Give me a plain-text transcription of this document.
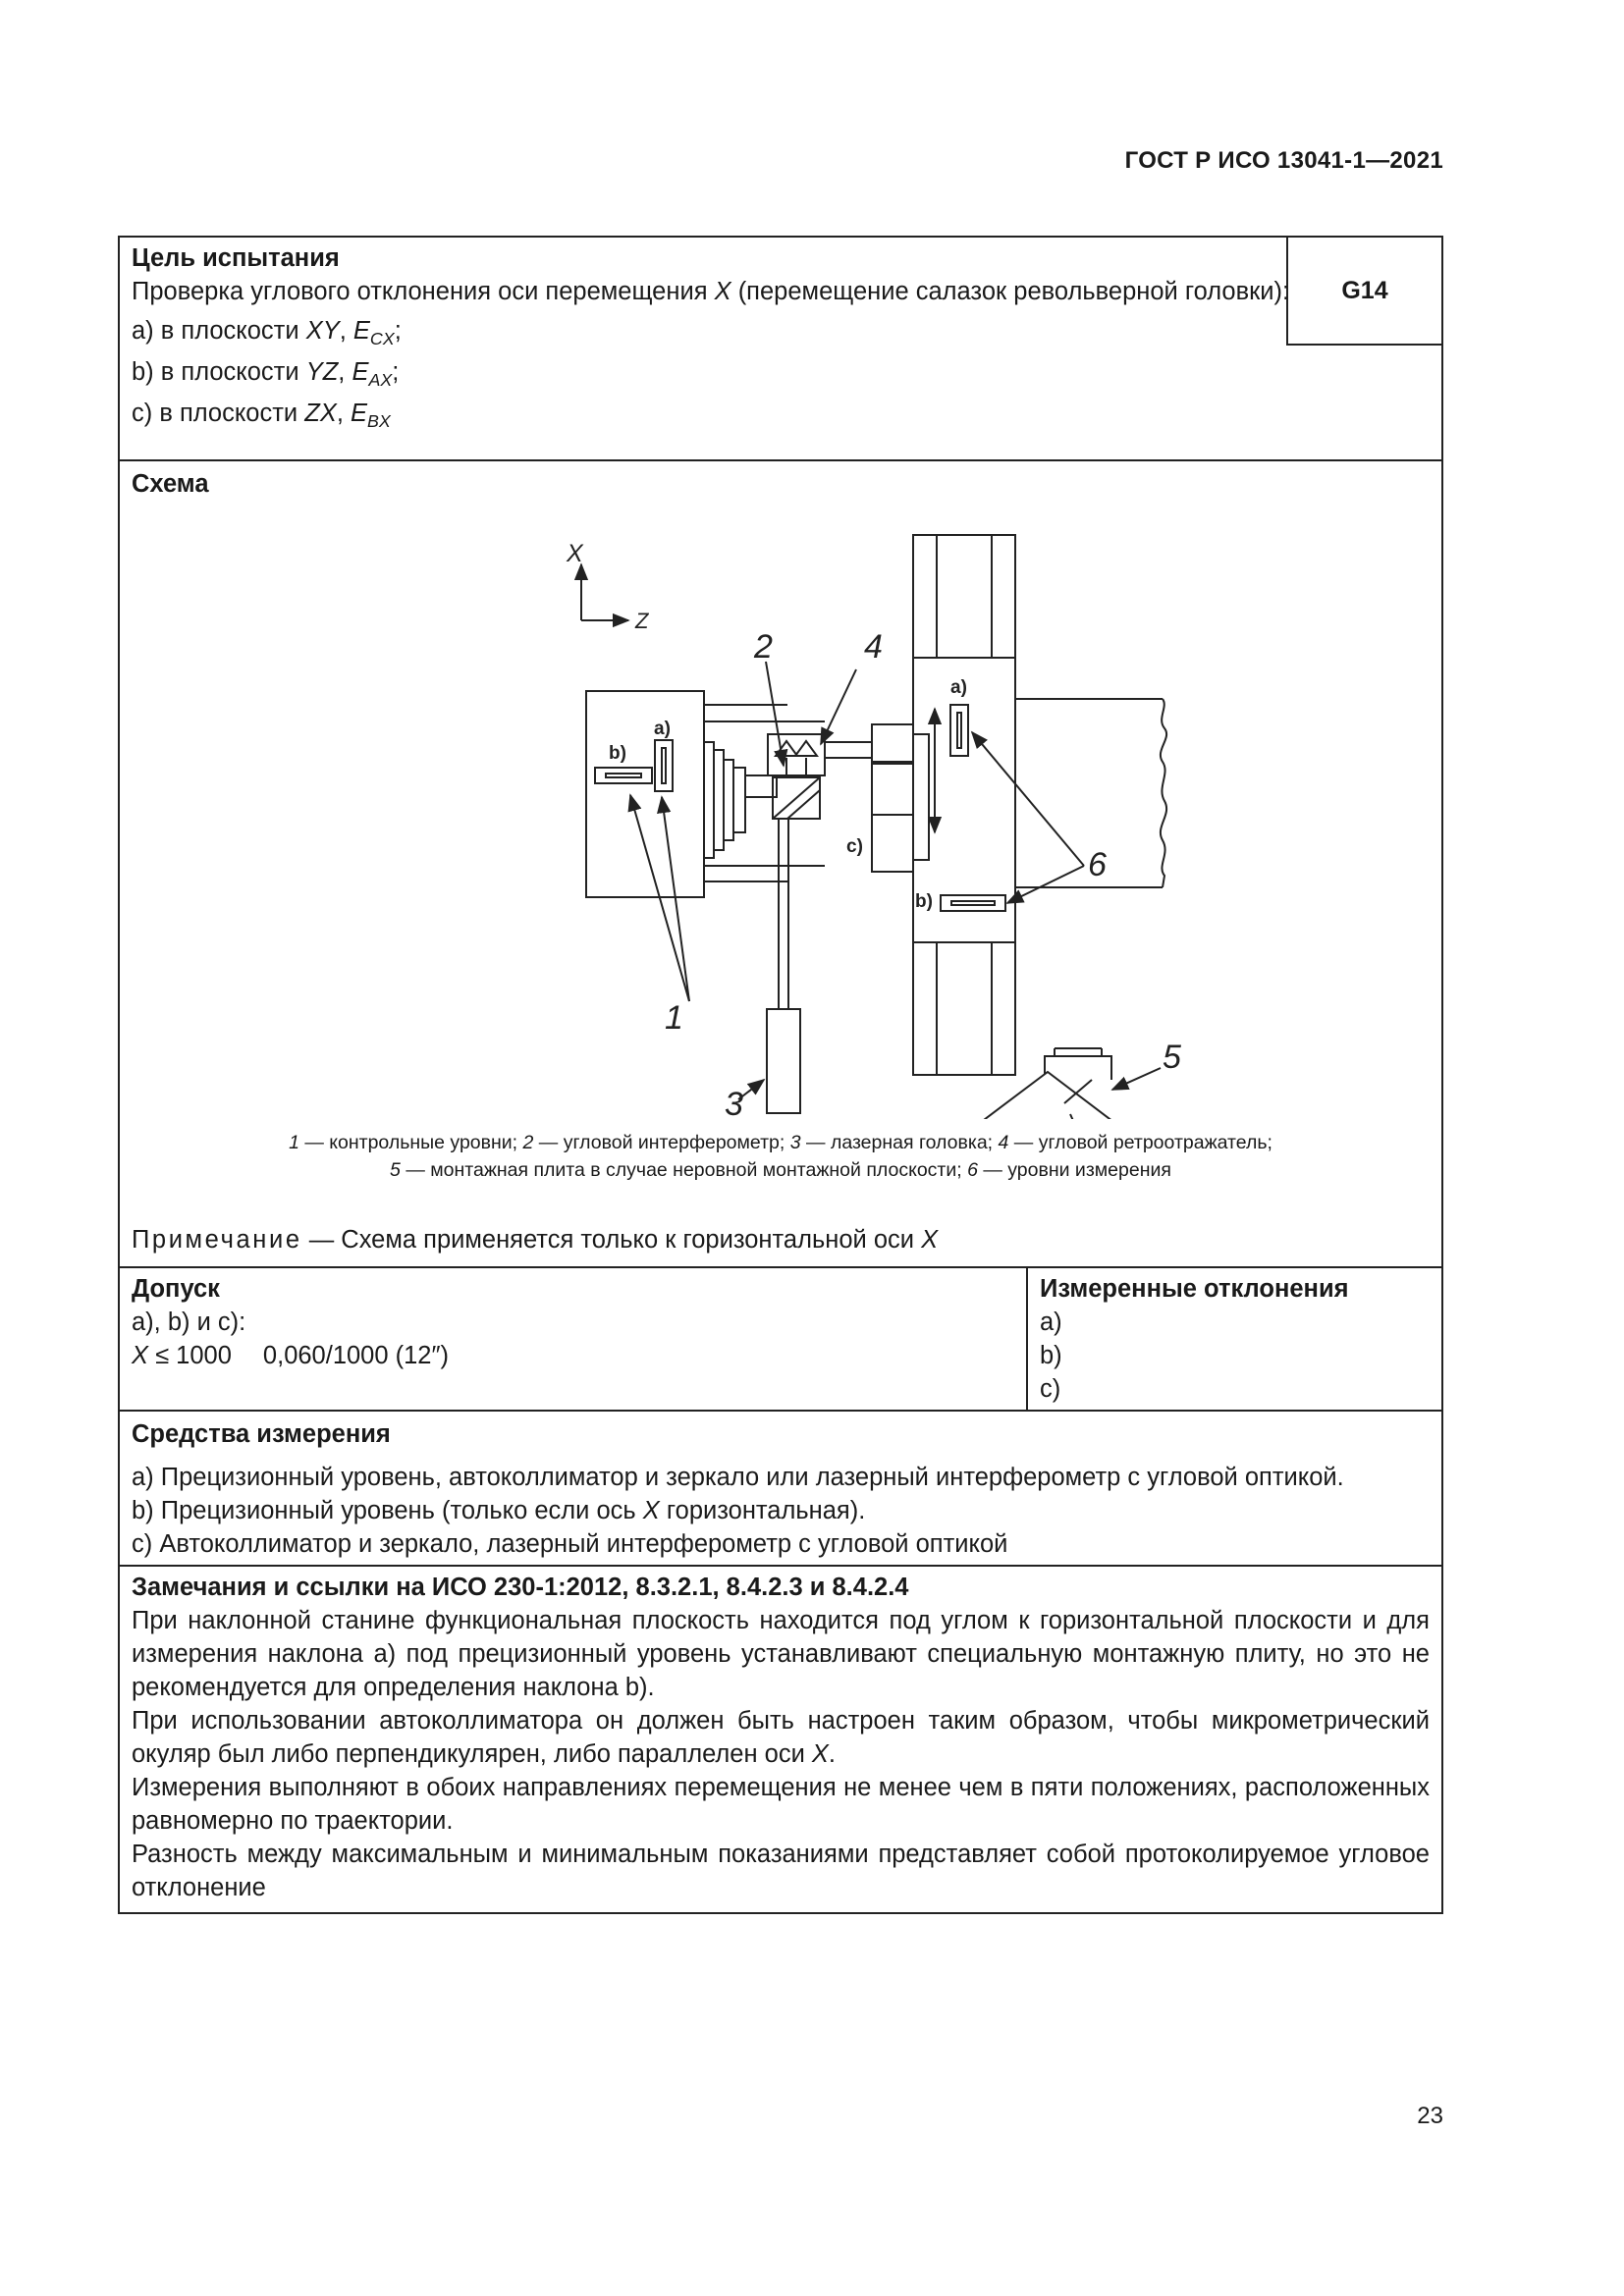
ГОСТ Р ИСО 13041-1—2021
Цель испытания
Проверка углового отклонения оси перемещения X (перемещение салазок револьверной головки):
a) в плоскости XY, $E_{CX}$;
b) в плоскости YZ, $E_{AX}$;
c) в плоскости ZX, $E_{BX}$
G14
Схема
X
Z
a)
b)
a)
b)
c)
1
2
3
4
5
6
1 — контрольные уровни; 2 — угловой интерферометр; 3 — лазерная головка; 4 — угловой ретроотражатель;
5 — монтажная плита в случае неровной монтажной плоскости; 6 — уровни измерения
Примечание — Схема применяется только к горизонтальной оси X
Допуск
a), b) и c):
X ≤ 1000 0,060/1000 (12″)
Измеренные отклонения
a)
b)
c)
Средства измерения
a) Прецизионный уровень, автоколлиматор и зеркало или лазерный интерферометр с угловой оптикой.
b) Прецизионный уровень (только если ось X горизонтальная).
c) Автоколлиматор и зеркало, лазерный интерферометр с угловой оптикой
Замечания и ссылки на ИСО 230-1:2012, 8.3.2.1, 8.4.2.3 и 8.4.2.4
При наклонной станине функциональная плоскость находится под углом к горизонтальной плоскости и для измерения наклона a) под прецизионный уровень устанавливают специальную монтажную плиту, но это не рекомендуется для определения наклона b).
При использовании автоколлиматора он должен быть настроен таким образом, чтобы микрометрический окуляр был либо перпендикулярен, либо параллелен оси X.
Измерения выполняют в обоих направлениях перемещения не менее чем в пяти положениях, расположенных равномерно по траектории.
Разность между максимальным и минимальным показаниями представляет собой протоколируемое угловое отклонение
23
